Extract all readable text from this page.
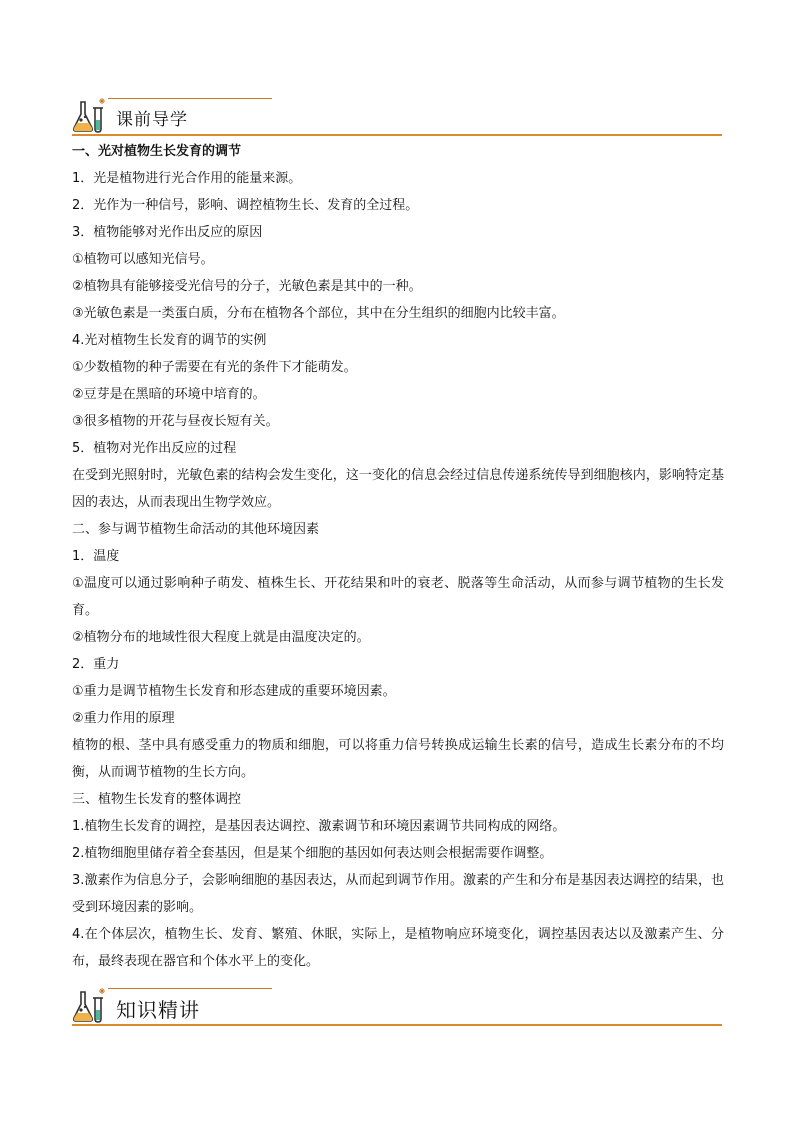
课前导学

一、光对植物生长发育的调节

1．光是植物进行光合作用的能量来源。

2．光作为一种信号，影响、调控植物生长、发育的全过程。

3．植物能够对光作出反应的原因

①植物可以感知光信号。

②植物具有能够接受光信号的分子，光敏色素是其中的一种。

③光敏色素是一类蛋白质，分布在植物各个部位，其中在分生组织的细胞内比较丰富。

4.光对植物生长发育的调节的实例

①少数植物的种子需要在有光的条件下才能萌发。

②豆芽是在黑暗的环境中培育的。

③很多植物的开花与昼夜长短有关。

5．植物对光作出反应的过程

在受到光照射时，光敏色素的结构会发生变化，这一变化的信息会经过信息传递系统传导到细胞核内，影响特定基因的表达，从而表现出生物学效应。

二、参与调节植物生命活动的其他环境因素

1．温度

①温度可以通过影响种子萌发、植株生长、开花结果和叶的衰老、脱落等生命活动，从而参与调节植物的生长发育。

②植物分布的地域性很大程度上就是由温度决定的。

2．重力

①重力是调节植物生长发育和形态建成的重要环境因素。

②重力作用的原理

植物的根、茎中具有感受重力的物质和细胞，可以将重力信号转换成运输生长素的信号，造成生长素分布的不均衡，从而调节植物的生长方向。

三、植物生长发育的整体调控

1.植物生长发育的调控，是基因表达调控、激素调节和环境因素调节共同构成的网络。

2.植物细胞里储存着全套基因，但是某个细胞的基因如何表达则会根据需要作调整。

3.激素作为信息分子，会影响细胞的基因表达，从而起到调节作用。激素的产生和分布是基因表达调控的结果，也受到环境因素的影响。

4.在个体层次，植物生长、发育、繁殖、休眠，实际上，是植物响应环境变化，调控基因表达以及激素产生、分布，最终表现在器官和个体水平上的变化。

知识精讲
